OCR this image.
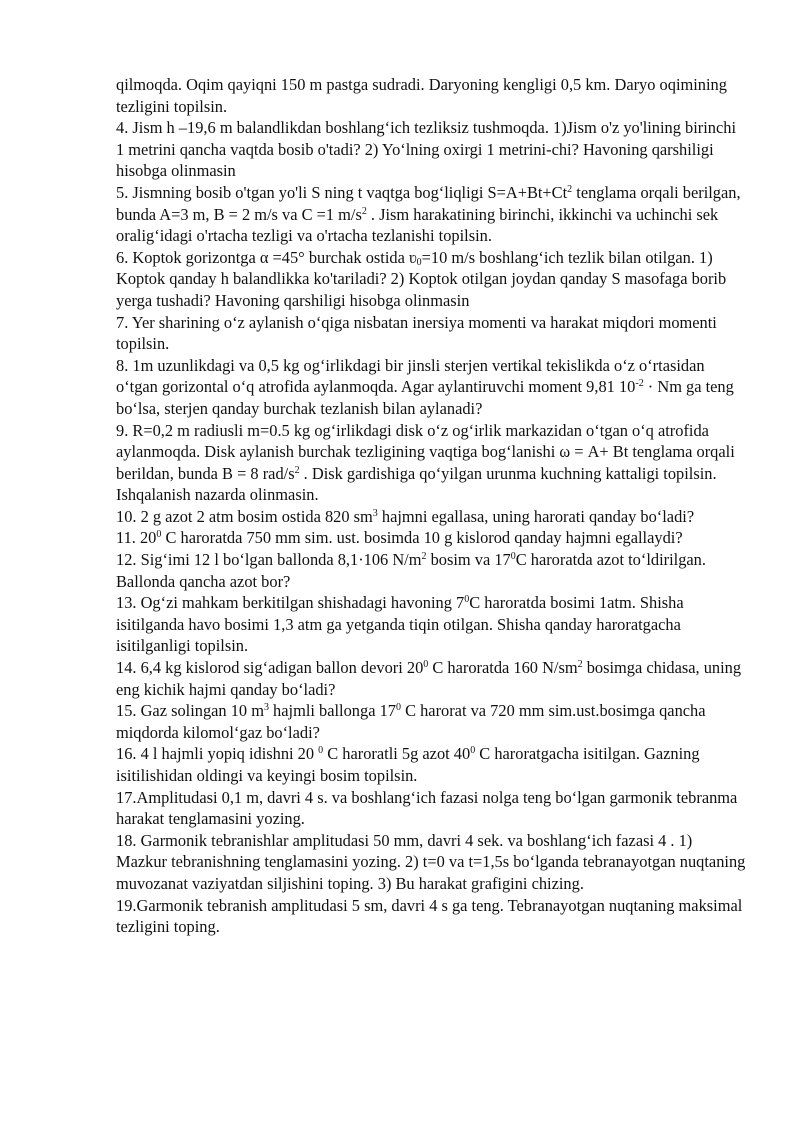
qilmoqda. Oqim qayiqni 150 m pastga sudradi. Daryoning kengligi 0,5 km. Daryo oqimining tezligini topilsin.

4. Jism h –19,6 m balandlikdan boshlang‘ich tezliksiz tushmoqda. 1)Jism o'z yo'lining birinchi 1 metrini qancha vaqtda bosib o'tadi? 2) Yo‘lning oxirgi 1 metrini-chi? Havoning qarshiligi hisobga olinmasin

5. Jismning bosib o'tgan yo'li S ning t vaqtga bog‘liqligi $S=A+Bt+Ct^2$ tenglama orqali berilgan, bunda A=3 m, B = 2 m/s va C =1 $m/s^2$ . Jism harakatining birinchi, ikkinchi va uchinchi sek oralig‘idagi o'rtacha tezligi va o'rtacha tezlanishi topilsin.

6. Koptok gorizontga α =45° burchak ostida ʋ$_0$=10 m/s boshlang‘ich tezlik bilan otilgan. 1) Koptok qanday h balandlikka ko'tariladi? 2) Koptok otilgan joydan qanday S masofaga borib yerga tushadi? Havoning qarshiligi hisobga olinmasin

7. Yer sharining o‘z aylanish o‘qiga nisbatan inersiya momenti va harakat miqdori momenti topilsin.

8. 1m uzunlikdagi va 0,5 kg og‘irlikdagi bir jinsli sterjen vertikal tekislikda o‘z o‘rtasidan o‘tgan gorizontal o‘q atrofida aylanmoqda. Agar aylantiruvchi moment 9,81 $10^{-2} \cdot Nm$ ga teng bo‘lsa, sterjen qanday burchak tezlanish bilan aylanadi?

9. R=0,2 m radiusli m=0.5 kg og‘irlikdagi disk o‘z og‘irlik markazidan o‘tgan o‘q atrofida aylanmoqda. Disk aylanish burchak tezligining vaqtiga bog‘lanishi ω = A+ Bt tenglama orqali berildan, bunda B = 8 rad/$s^2$ . Disk gardishiga qo‘yilgan urunma kuchning kattaligi topilsin. Ishqalanish nazarda olinmasin.

10. 2 g azot 2 atm bosim ostida 820 $sm^3$ hajmni egallasa, uning harorati qanday bo‘ladi?

11. $20^0$ C haroratda 750 mm sim. ust. bosimda 10 g kislorod qanday hajmni egallaydi?

12. Sig‘imi 12 l bo‘lgan ballonda 8,1·106 $N/m^2$ bosim va $17^0C$ haroratda azot to‘ldirilgan. Ballonda qancha azot bor?

13. Og‘zi mahkam berkitilgan shishadagi havoning $7^0C$ haroratda bosimi 1atm. Shisha isitilganda havo bosimi 1,3 atm ga yetganda tiqin otilgan. Shisha qanday haroratgacha isitilganligi topilsin.

14. 6,4 kg kislorod sig‘adigan ballon devori $20^0$ C haroratda 160 $N/sm^2$ bosimga chidasa, uning eng kichik hajmi qanday bo‘ladi?

15. Gaz solingan 10 $m^3$ hajmli ballonga $17^0$ C harorat va 720 mm sim.ust.bosimga qancha miqdorda kilomol‘gaz bo‘ladi?

16. 4 l hajmli yopiq idishni 20 $^0$ C haroratli 5g azot $40^0$ C haroratgacha isitilgan. Gazning isitilishidan oldingi va keyingi bosim topilsin.

17.Amplitudasi 0,1 m, davri 4 s. va boshlang‘ich fazasi nolga teng bo‘lgan garmonik tebranma harakat tenglamasini yozing.

18. Garmonik tebranishlar amplitudasi 50 mm, davri 4 sek. va boshlang‘ich fazasi 4 . 1) Mazkur tebranishning tenglamasini yozing. 2) t=0 va t=1,5s bo‘lganda tebranayotgan nuqtaning muvozanat vaziyatdan siljishini toping. 3) Bu harakat grafigini chizing.

19.Garmonik tebranish amplitudasi 5 sm, davri 4 s ga teng. Tebranayotgan nuqtaning maksimal tezligini toping.
